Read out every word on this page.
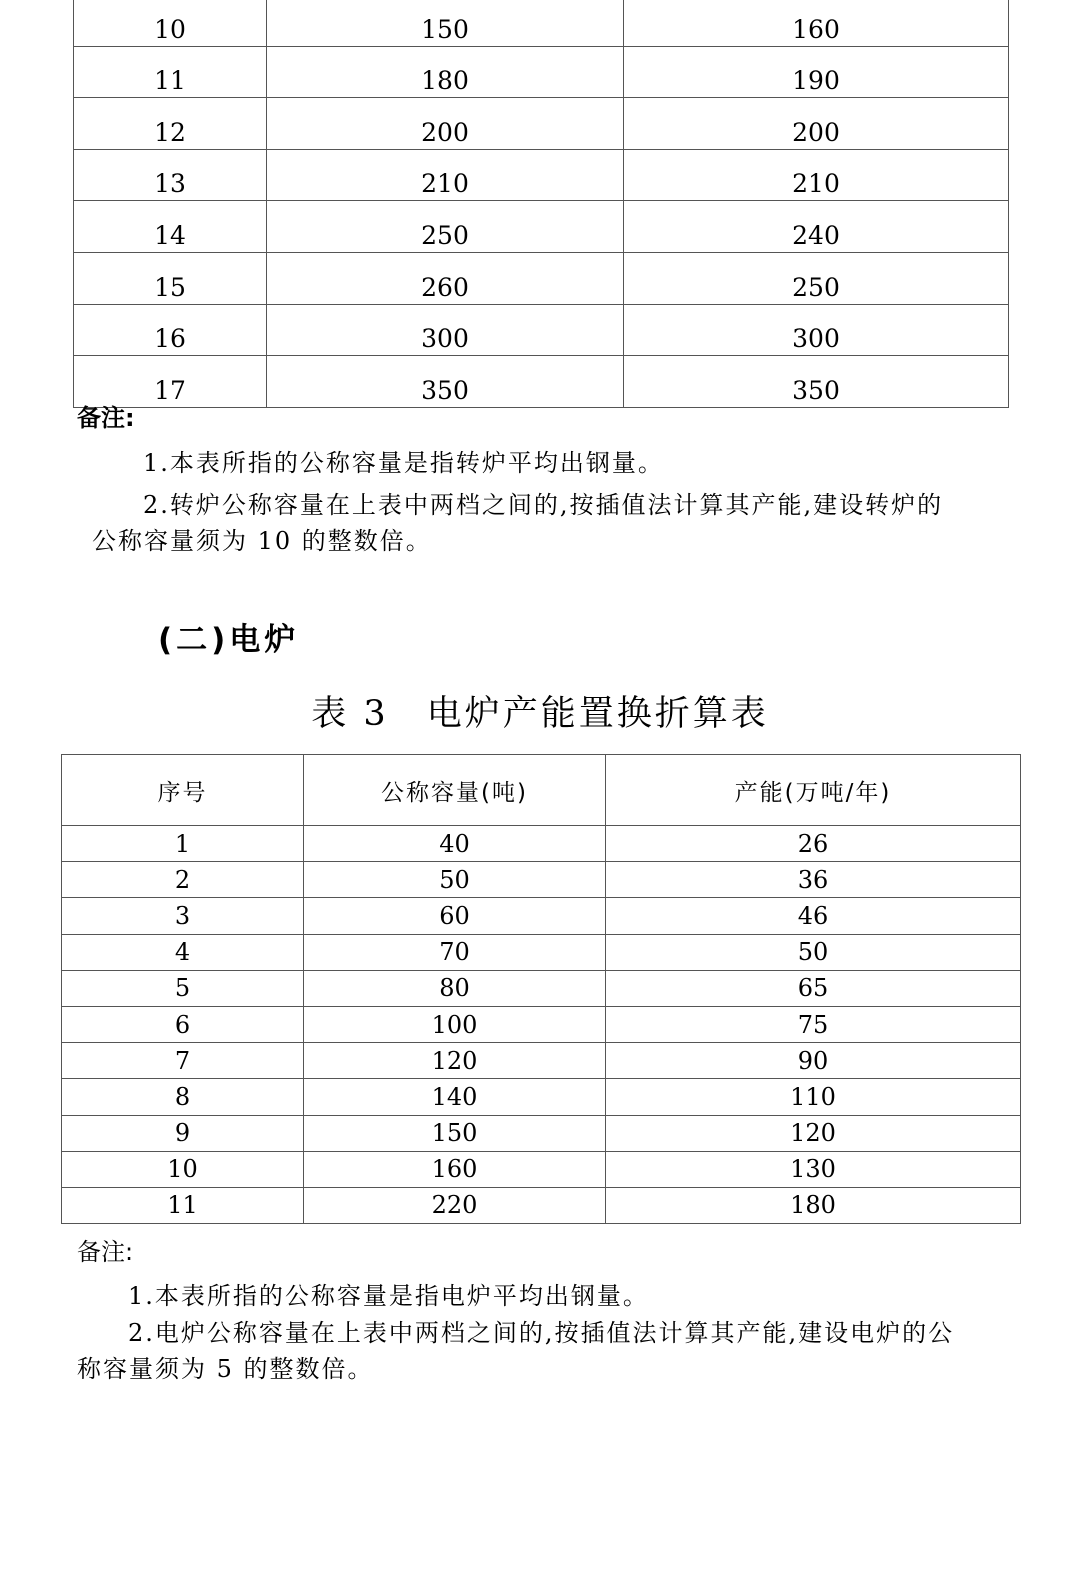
10	150	160
11	180	190
12	200	200
13	210	210
14	250	240
15	260	250
16	300	300
17	350	350
备注:
1.本表所指的公称容量是指转炉平均出钢量。
2.转炉公称容量在上表中两档之间的,按插值法计算其产能,建设转炉的
公称容量须为 10 的整数倍。
(二)电炉
表 3　电炉产能置换折算表
序号	公称容量(吨)	产能(万吨/年)
1	40	26
2	50	36
3	60	46
4	70	50
5	80	65
6	100	75
7	120	90
8	140	110
9	150	120
10	160	130
11	220	180
备注:
1.本表所指的公称容量是指电炉平均出钢量。
2.电炉公称容量在上表中两档之间的,按插值法计算其产能,建设电炉的公
称容量须为 5 的整数倍。
